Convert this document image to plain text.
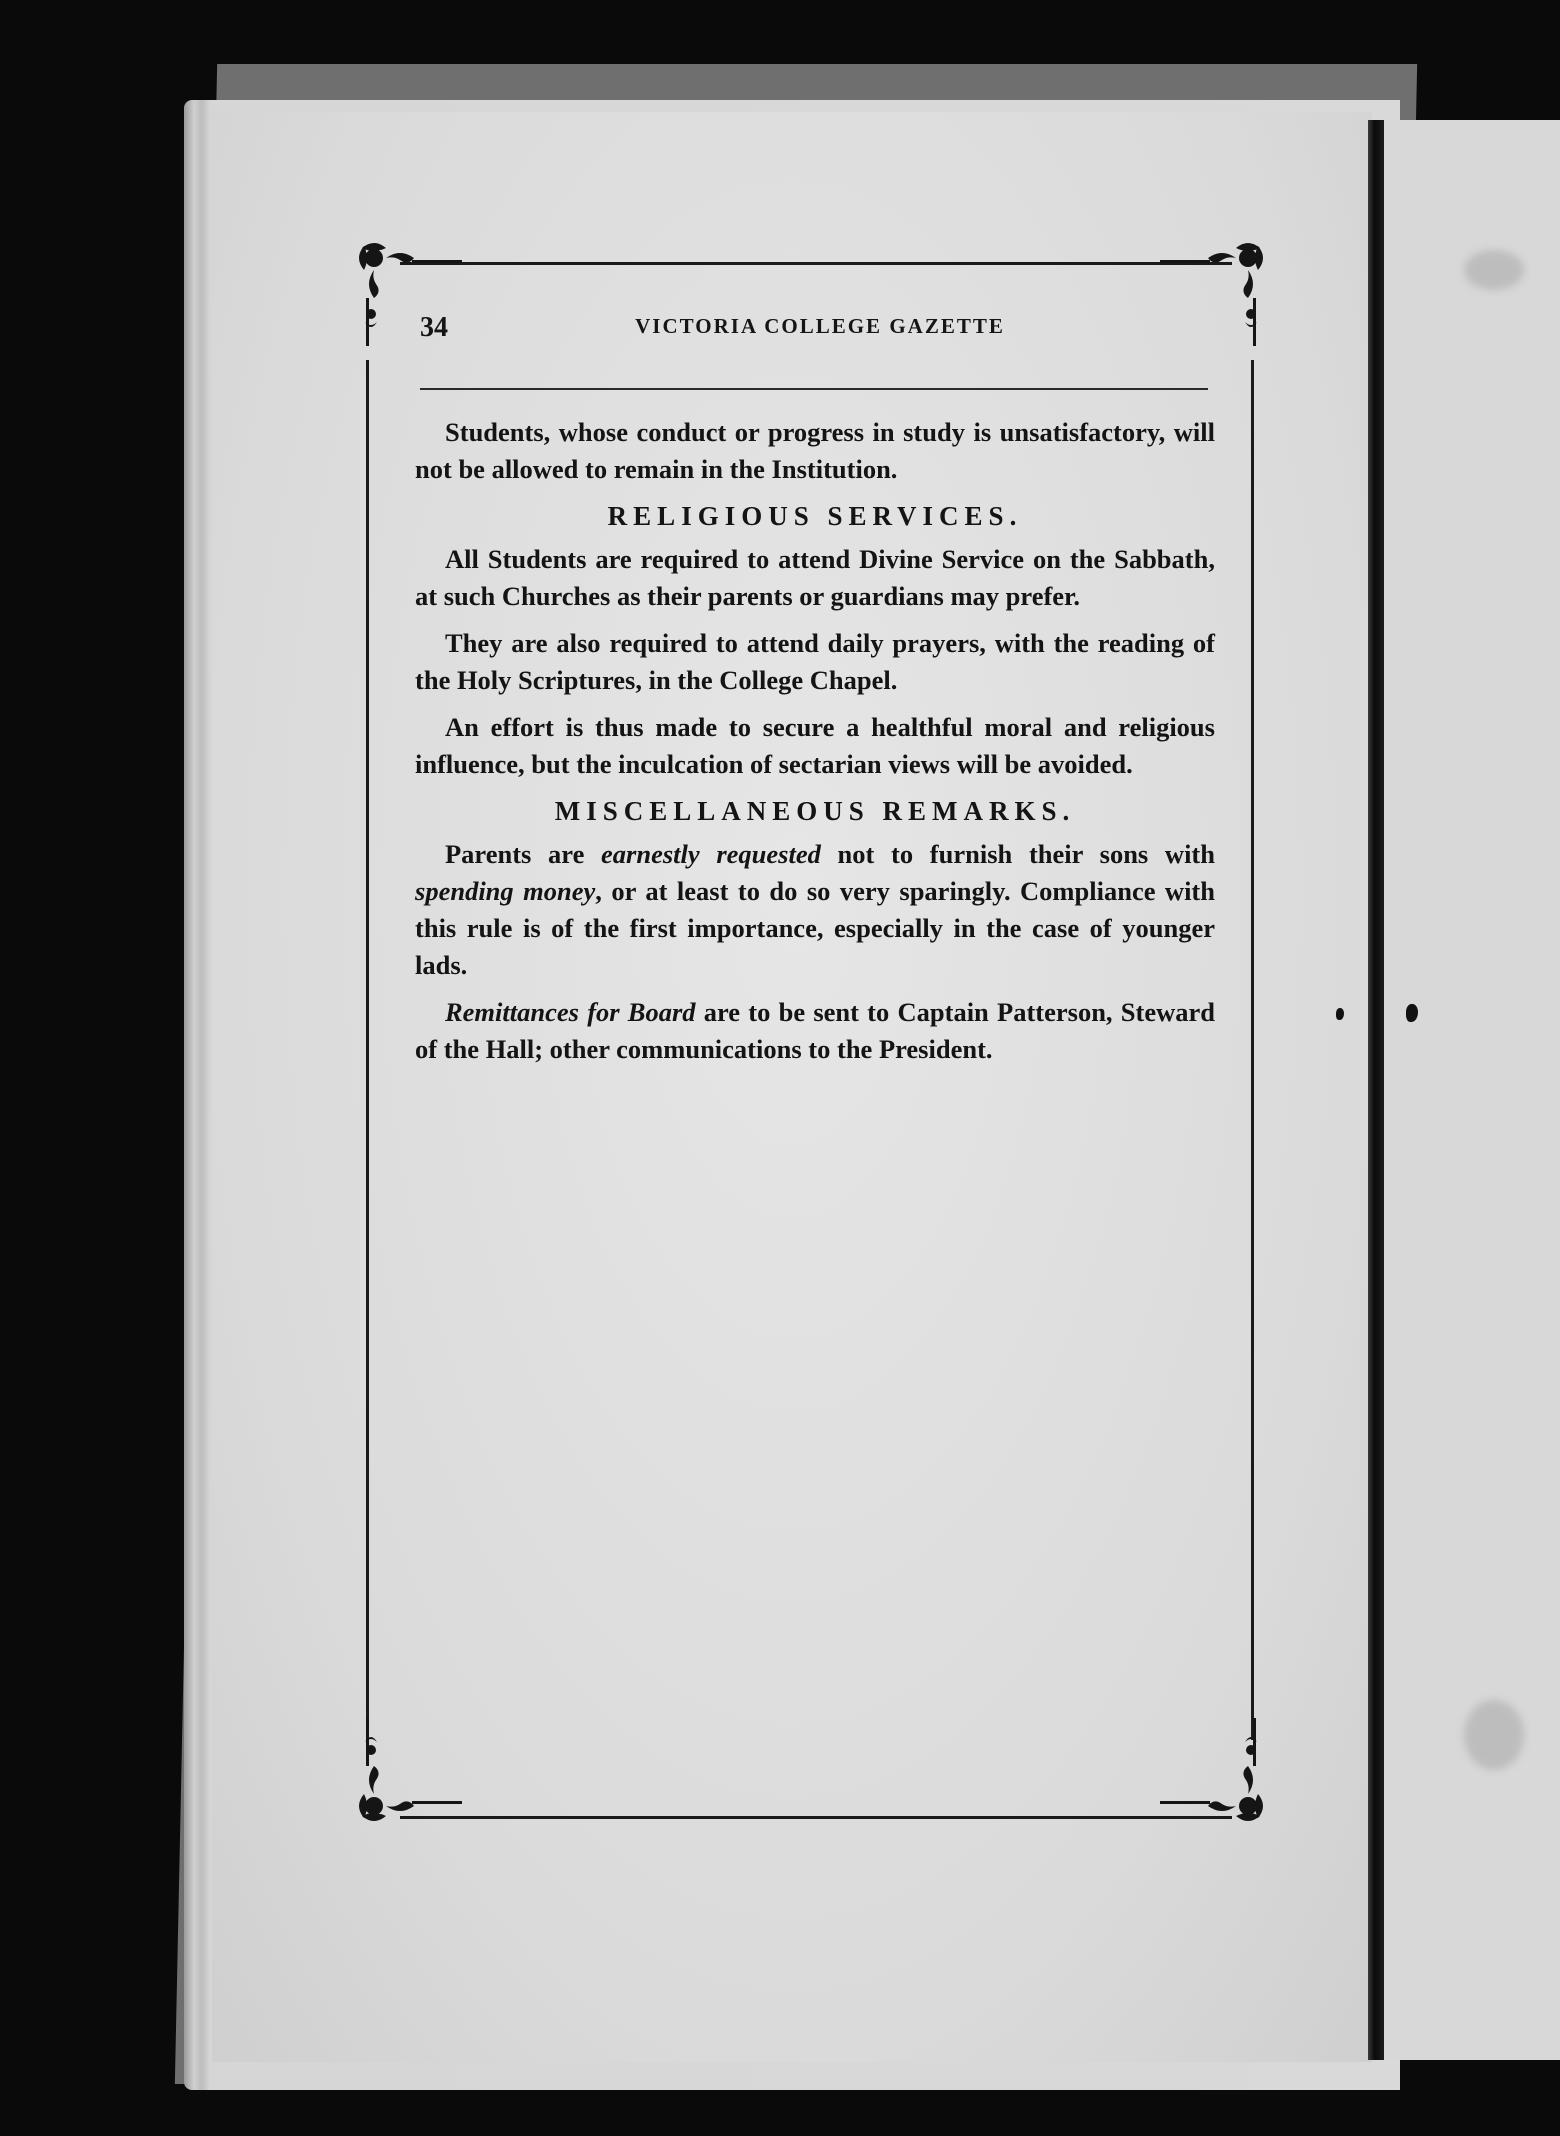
34	VICTORIA COLLEGE GAZETTE

Students, whose conduct or progress in study is unsatisfactory, will not be allowed to remain in the Institution.

RELIGIOUS SERVICES.

All Students are required to attend Divine Service on the Sabbath, at such Churches as their parents or guardians may prefer.

They are also required to attend daily prayers, with the reading of the Holy Scriptures, in the College Chapel.

An effort is thus made to secure a healthful moral and religious influence, but the inculcation of sectarian views will be avoided.

MISCELLANEOUS REMARKS.

Parents are earnestly requested not to furnish their sons with spending money, or at least to do so very sparingly. Compliance with this rule is of the first importance, especially in the case of younger lads.

Remittances for Board are to be sent to Captain Patterson, Steward of the Hall; other communications to the President.
